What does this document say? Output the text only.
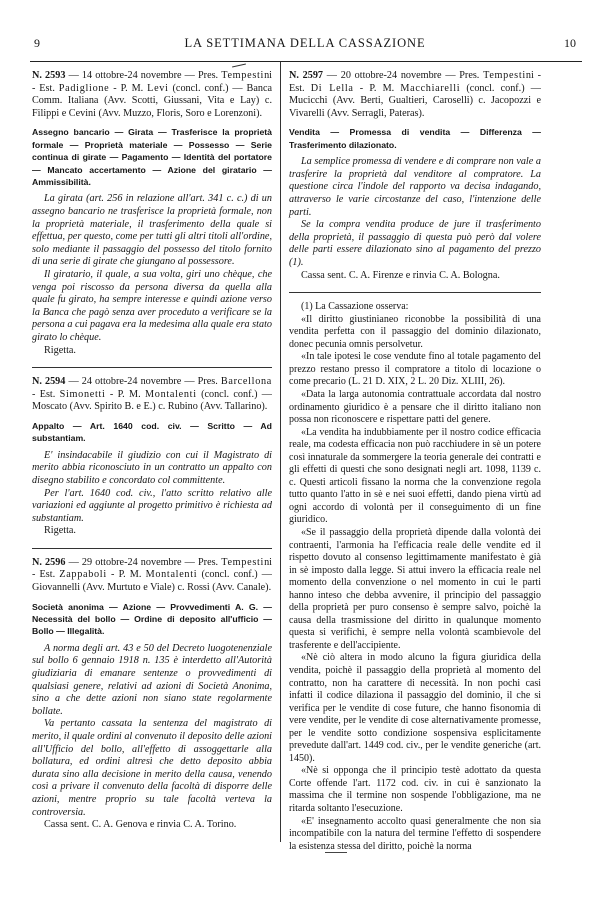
9	LA SETTIMANA DELLA CASSAZIONE	10

N. 2593 — 14 ottobre-24 novembre — Pres. Tempestini - Est. Padiglione - P. M. Levi (concl. conf.) — Banca Comm. Italiana (Avv. Scotti, Giussani, Vita e Lay) c. Filippi e Cevini (Avv. Muzzo, Floris, Soro e Lorenzoni).

Assegno bancario — Girata — Trasferisce la proprietà formale — Proprietà materiale — Possesso — Serie continua di girate — Pagamento — Identità del portatore — Mancato accertamento — Azione del giratario — Ammissibilità.

La girata (art. 256 in relazione all'art. 341 c. c.) di un assegno bancario ne trasferisce la proprietà formale, non la proprietà materiale, il trasferimento della quale si effettua, per questo, come per tutti gli altri titoli all'ordine, solo mediante il passaggio del possesso del titolo fornito di una serie di girate che giungano al possessore.

Il giratario, il quale, a sua volta, giri uno chèque, che venga poi riscosso da persona diversa da quella alla quale fu girato, ha sempre interesse e quindi azione verso la Banca che pagò senza aver proceduto a verificare se la persona a cui pagava era la medesima alla quale era stato girato lo chèque.

Rigetta.

N. 2594 — 24 ottobre-24 novembre — Pres. Barcellona - Est. Simonetti - P. M. Montalenti (concl. conf.) — Moscato (Avv. Spirito B. e E.) c. Rubino (Avv. Tallarino).

Appalto — Art. 1640 cod. civ. — Scritto — Ad substantiam.

E' insindacabile il giudizio con cui il Magistrato di merito abbia riconosciuto in un contratto un appalto con disegno stabilito e concordato col committente.

Per l'art. 1640 cod. civ., l'atto scritto relativo alle variazioni ed aggiunte al progetto primitivo è richiesta ad substantiam.

Rigetta.

N. 2596 — 29 ottobre-24 novembre — Pres. Tempestini - Est. Zappaboli - P. M. Montalenti (concl. conf.) — Giovannelli (Avv. Murtuto e Viale) c. Rossi (Avv. Canale).

Società anonima — Azione — Provvedimenti A. G. — Necessità del bollo — Ordine di deposito all'ufficio — Bollo — Illegalità.

A norma degli art. 43 e 50 del Decreto luogotenenziale sul bollo 6 gennaio 1918 n. 135 è interdetto all'Autorità giudiziaria di emanare sentenze o provvedimenti di qualsiasi genere, relativi ad azioni di Società Anonima, sino a che dette azioni non siano state regolarmente bollate.

Va pertanto cassata la sentenza del magistrato di merito, il quale ordini al convenuto il deposito delle azioni all'Ufficio del bollo, all'effetto di assoggettarle alla bollatura, ed ordini altresì che detto deposito abbia durata sino alla decisione in merito della causa, venendo così a privare il convenuto della facoltà di disporre delle azioni, mentre proprio su tale facoltà verteva la controversia.

Cassa sent. C. A. Genova e rinvia C. A. Torino.

N. 2597 — 20 ottobre-24 novembre — Pres. Tempestini - Est. Di Lella - P. M. Macchiarelli (concl. conf.) — Mucicchi (Avv. Berti, Gualtieri, Caroselli) c. Jacopozzi e Vivarelli (Avv. Serragli, Pateras).

Vendita — Promessa di vendita — Differenza — Trasferimento dilazionato.

La semplice promessa di vendere e di comprare non vale a trasferire la proprietà dal venditore al compratore. La questione circa l'indole del rapporto va decisa indagando, attraverso le varie circostanze del caso, l'intenzione delle parti.

Se la compra vendita produce de jure il trasferimento della proprietà, il passaggio di questa può però dal volere delle parti essere dilazionato sino al pagamento del prezzo (1).

Cassa sent. C. A. Firenze e rinvia C. A. Bologna.

(1) La Cassazione osserva:

«Il diritto giustinianeo riconobbe la possibilità di una vendita perfetta con il passaggio del dominio dilazionato, donec pecunia omnis persolvetur.

«In tale ipotesi le cose vendute fino al totale pagamento del prezzo restano presso il compratore a titolo di locazione o come precario (L. 21 D. XIX, 2 L. 20 Diz. XLIII, 26).

«Data la larga autonomia contrattuale accordata dal nostro ordinamento giuridico è a pensare che il diritto italiano non possa non riconoscere e rispettare patti del genere.

«La vendita ha indubbiamente per il nostro codice efficacia reale, ma codesta efficacia non può racchiudere in sè un potere così innaturale da sommergere la teoria generale dei contratti e gli effetti di questi che sono designati negli art. 1098, 1139 c. c. Questi articoli fissano la norma che la convenzione regola tutto quanto l'atto in sè e nei suoi effetti, dando piena virtù ad ogni accordo di volontà per il conseguimento di un fine giuridico.

«Se il passaggio della proprietà dipende dalla volontà dei contraenti, l'armonia ha l'efficacia reale delle vendite ed il rispetto dovuto al consenso legittimamente manifestato è già in sè imposto dalla legge. Si attui invero la efficacia reale nel momento della convenzione o nel momento in cui le parti hanno inteso che debba avvenire, il principio del passaggio della proprietà per puro consenso è sempre salvo, poichè la causa della trasmissione del diritto in qualunque momento questa si verifichi, è sempre nella volontà scambievole del trasferente e dell'accipiente.

«Nè ciò altera in modo alcuno la figura giuridica della vendita, poichè il passaggio della proprietà al momento del contratto, non ha carattere di necessità. In non pochi casi infatti il codice dilaziona il passaggio del dominio, il che si verifica per le vendite di cose future, che hanno fisonomia di vere vendite, per le vendite di cose alternativamente promesse, per le vendite sotto condizione sospensiva esplicitamente prevedute dall'art. 1449 cod. civ., per le vendite generiche (art. 1450).

«Nè si opponga che il principio testè adottato da questa Corte offende l'art. 1172 cod. civ. in cui è sanzionato la massima che il termine non sospende l'obbligazione, ma ne ritarda soltanto l'esecuzione.

«E' insegnamento accolto quasi generalmente che non sia incompatibile con la natura del termine l'effetto di sospendere la esistenza stessa del diritto, poichè la norma
